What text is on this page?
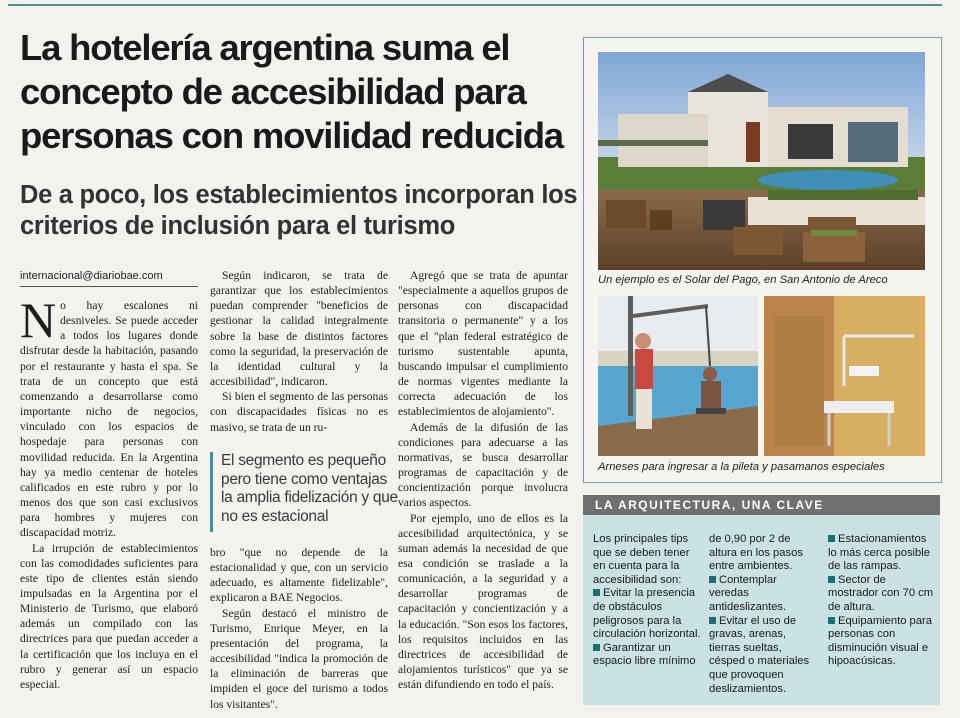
La hotelería argentina suma el concepto de accesibilidad para personas con movilidad reducida
De a poco, los establecimientos incorporan los criterios de inclusión para el turismo
internacional@diariobae.com

No hay escalones ni desniveles. Se puede acceder a todos los lugares donde disfrutar desde la habitación, pasando por el restaurante y hasta el spa. Se trata de un concepto que está comenzando a desarrollarse como importante nicho de negocios, vinculado con los espacios de hospedaje para personas con movilidad reducida. En la Argentina hay ya medio centenar de hoteles calificados en este rubro y por lo menos dos que son casi exclusivos para hombres y mujeres con discapacidad motriz.

La irrupción de establecimientos con las comodidades suficientes para este tipo de clientes están siendo impulsadas en la Argentina por el Ministerio de Turismo, que elaboró además un compilado con las directrices para que puedan acceder a la certificación que los incluya en el rubro y generar así un espacio especial.

Según indicaron, se trata de garantizar que los establecimientos puedan comprender "beneficios de gestionar la calidad integralmente sobre la base de distintos factores como la seguridad, la preservación de la identidad cultural y la accesibilidad", indicaron.

Si bien el segmento de las personas con discapacidades físicas no es masivo, se trata de un ru-

El segmento es pequeño pero tiene como ventajas la amplia fidelización y que no es estacional

bro "que no depende de la estacionalidad y que, con un servicio adecuado, es altamente fidelizable", explicaron a BAE Negocios.

Según destacó el ministro de Turismo, Enrique Meyer, en la presentación del programa, la accesibilidad "indica la promoción de la eliminación de barreras que impiden el goce del turismo a todos los visitantes".

Agregó que se trata de apuntar "especialmente a aquellos grupos de personas con discapacidad transitoria o permanente" y a los que el "plan federal estratégico de turismo sustentable apunta, buscando impulsar el cumplimiento de normas vigentes mediante la correcta adecuación de los establecimientos de alojamiento".

Además de la difusión de las condiciones para adecuarse a las normativas, se busca desarrollar programas de capacitación y de concientización porque involucra varios aspectos.

Por ejemplo, uno de ellos es la accesibilidad arquitectónica, y se suman además la necesidad de que esa condición se traslade a la comunicación, a la seguridad y a desarrollar programas de capacitación y concientización y a la educación. "Son esos los factores, los requisitos incluidos en las directrices de accesibilidad de alojamientos turísticos" que ya se están difundiendo en todo el país.

Un ejemplo es el Solar del Pago, en San Antonio de Areco
Arneses para ingresar a la pileta y pasamanos especiales
LA ARQUITECTURA, UNA CLAVE
Los principales tips que se deben tener en cuenta para la accesibilidad son:
Evitar la presencia de obstáculos peligrosos para la circulación horizontal.
Garantizar un espacio libre mínimo
de 0,90 por 2 de altura en los pasos entre ambientes.
Contemplar veredas antideslizantes.
Evitar el uso de gravas, arenas, tierras sueltas, césped o materiales que provoquen deslizamientos.
Estacionamientos lo más cerca posible de las rampas.
Sector de mostrador con 70 cm de altura.
Equipamiento para personas con disminución visual e hipoacúsicas.
